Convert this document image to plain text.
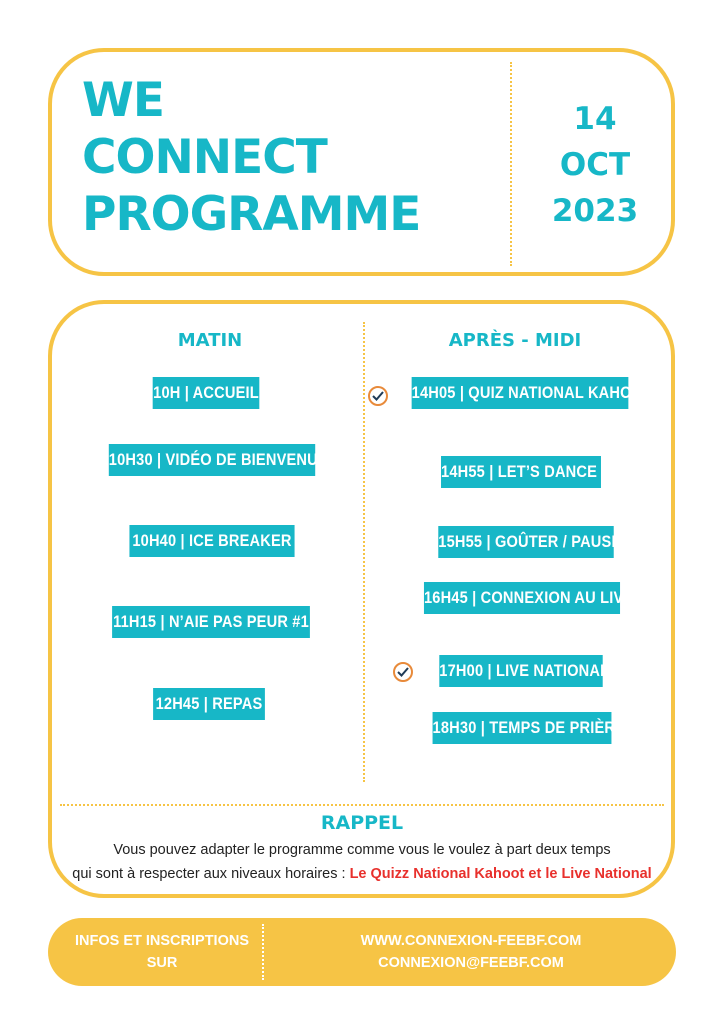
WE
CONNECT
PROGRAMME
14
OCT
2023
MATIN	APRÈS - MIDI
10H | ACCUEIL
10H30 | VIDÉO DE BIENVENUE
10H40 | ICE BREAKER
11H15 | N’AIE PAS PEUR #1
12H45 | REPAS
14H05 | QUIZ NATIONAL KAHOOT
14H55 | LET’S DANCE !
15H55 | GOÛTER / PAUSE
16H45 | CONNEXION AU LIVE
17H00 | LIVE NATIONAL
18H30 | TEMPS DE PRIÈRE
RAPPEL
Vous pouvez adapter le programme comme vous le voulez à part deux temps
qui sont à respecter aux niveaux horaires : Le Quizz National Kahoot et le Live National
INFOS ET INSCRIPTIONS
SUR
WWW.CONNEXION-FEEBF.COM
CONNEXION@FEEBF.COM
